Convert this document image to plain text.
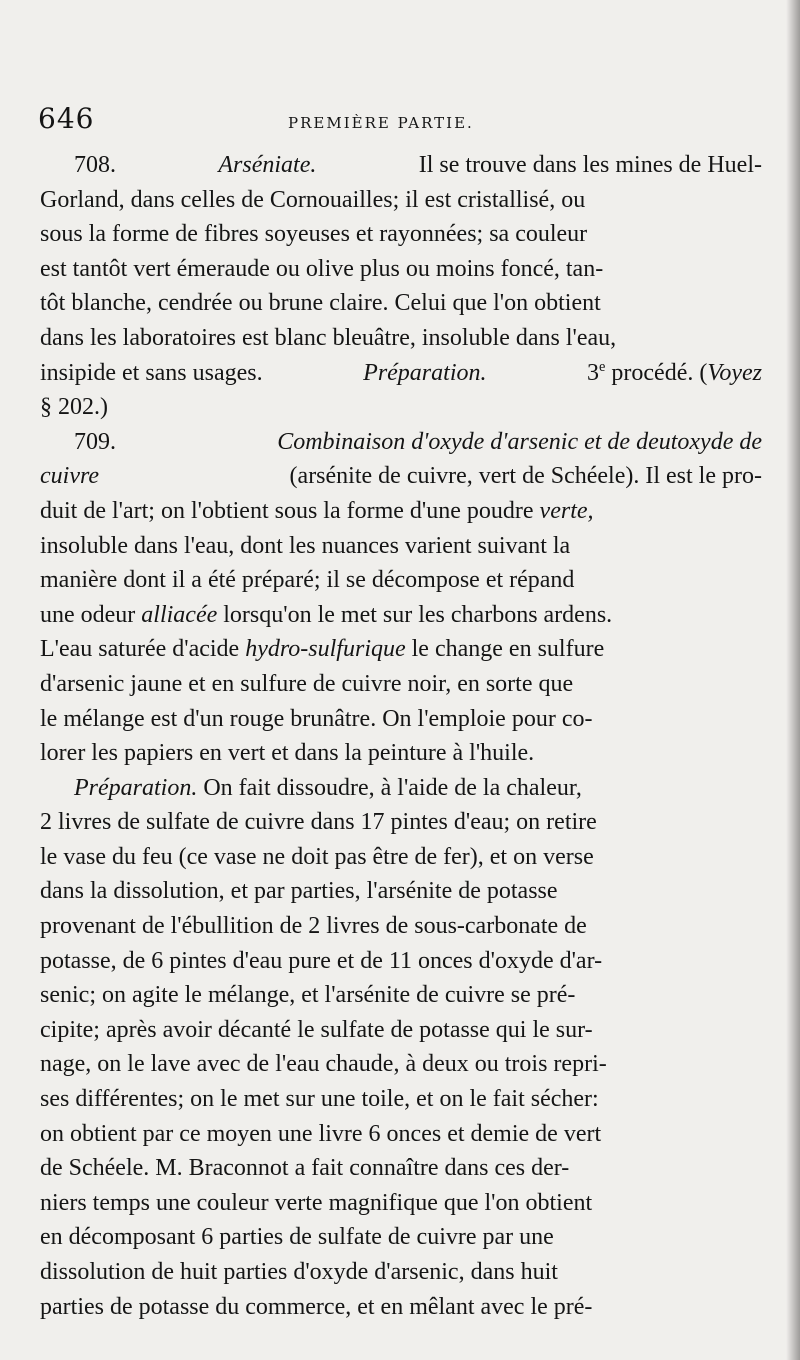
646	PREMIÈRE PARTIE.
708.	Arséniate.	Il se trouve dans les mines de Huel-
Gorland, dans celles de Cornouailles; il est cristallisé, ou
sous la forme de fibres soyeuses et rayonnées; sa couleur
est tantôt vert émeraude ou olive plus ou moins foncé, tan-
tôt blanche, cendrée ou brune claire. Celui que l'on obtient
dans les laboratoires est blanc bleuâtre, insoluble dans l'eau,
insipide et sans usages.	Préparation.	3e procédé. (Voyez
§ 202.)
709.	Combinaison d'oxyde d'arsenic et de deutoxyde de
cuivre	(arsénite de cuivre, vert de Schéele). Il est le pro-
duit de l'art; on l'obtient sous la forme d'une poudre verte,
insoluble dans l'eau, dont les nuances varient suivant la
manière dont il a été préparé; il se décompose et répand
une odeur alliacée lorsqu'on le met sur les charbons ardens.
L'eau saturée d'acide hydro-sulfurique le change en sulfure
d'arsenic jaune et en sulfure de cuivre noir, en sorte que
le mélange est d'un rouge brunâtre. On l'emploie pour co-
lorer les papiers en vert et dans la peinture à l'huile.
Préparation. On fait dissoudre, à l'aide de la chaleur,
2 livres de sulfate de cuivre dans 17 pintes d'eau; on retire
le vase du feu (ce vase ne doit pas être de fer), et on verse
dans la dissolution, et par parties, l'arsénite de potasse
provenant de l'ébullition de 2 livres de sous-carbonate de
potasse, de 6 pintes d'eau pure et de 11 onces d'oxyde d'ar-
senic; on agite le mélange, et l'arsénite de cuivre se pré-
cipite; après avoir décanté le sulfate de potasse qui le sur-
nage, on le lave avec de l'eau chaude, à deux ou trois repri-
ses différentes; on le met sur une toile, et on le fait sécher:
on obtient par ce moyen une livre 6 onces et demie de vert
de Schéele. M. Braconnot a fait connaître dans ces der-
niers temps une couleur verte magnifique que l'on obtient
en décomposant 6 parties de sulfate de cuivre par une
dissolution de huit parties d'oxyde d'arsenic, dans huit
parties de potasse du commerce, et en mêlant avec le pré-
